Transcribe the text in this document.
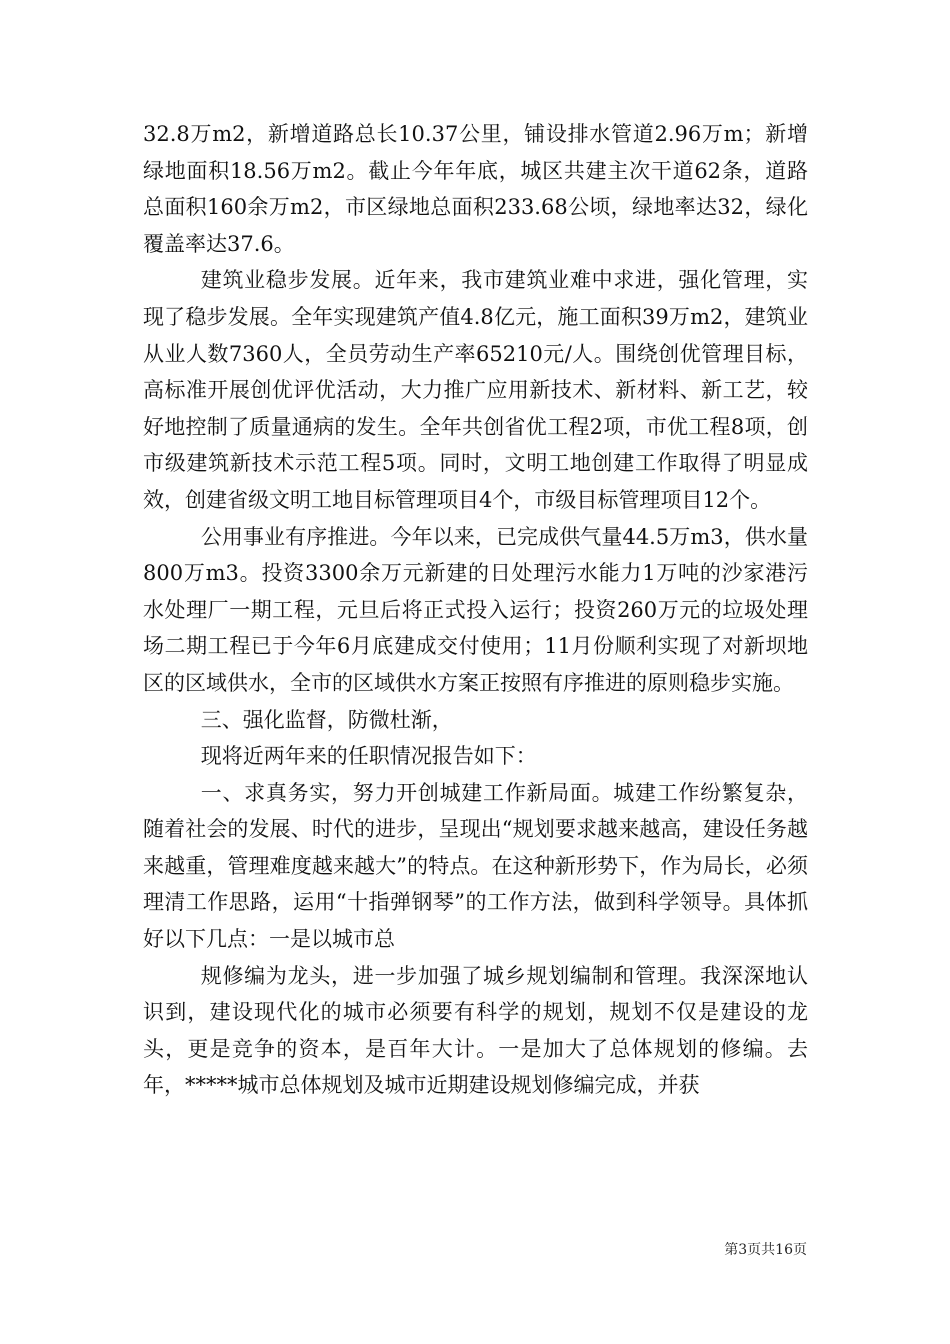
32.8万m2，新增道路总长10.37公里，铺设排水管道2.96万m；新增绿地面积18.56万m2。截止今年年底，城区共建主次干道62条，道路总面积160余万m2，市区绿地总面积233.68公顷，绿地率达32，绿化覆盖率达37.6。

建筑业稳步发展。近年来，我市建筑业难中求进，强化管理，实现了稳步发展。全年实现建筑产值4.8亿元，施工面积39万m2，建筑业从业人数7360人，全员劳动生产率65210元/人。围绕创优管理目标，高标准开展创优评优活动，大力推广应用新技术、新材料、新工艺，较好地控制了质量通病的发生。全年共创省优工程2项，市优工程8项，创市级建筑新技术示范工程5项。同时，文明工地创建工作取得了明显成效，创建省级文明工地目标管理项目4个，市级目标管理项目12个。

公用事业有序推进。今年以来，已完成供气量44.5万m3，供水量800万m3。投资3300余万元新建的日处理污水能力1万吨的沙家港污水处理厂一期工程，元旦后将正式投入运行；投资260万元的垃圾处理场二期工程已于今年6月底建成交付使用；11月份顺利实现了对新坝地区的区域供水，全市的区域供水方案正按照有序推进的原则稳步实施。

三、强化监督，防微杜渐，

现将近两年来的任职情况报告如下：

一、求真务实，努力开创城建工作新局面。城建工作纷繁复杂，随着社会的发展、时代的进步，呈现出“规划要求越来越高，建设任务越来越重，管理难度越来越大”的特点。在这种新形势下，作为局长，必须理清工作思路，运用“十指弹钢琴”的工作方法，做到科学领导。具体抓好以下几点：一是以城市总

规修编为龙头，进一步加强了城乡规划编制和管理。我深深地认识到，建设现代化的城市必须要有科学的规划，规划不仅是建设的龙头，更是竞争的资本，是百年大计。一是加大了总体规划的修编。去年，*****城市总体规划及城市近期建设规划修编完成，并获

第3页共16页
